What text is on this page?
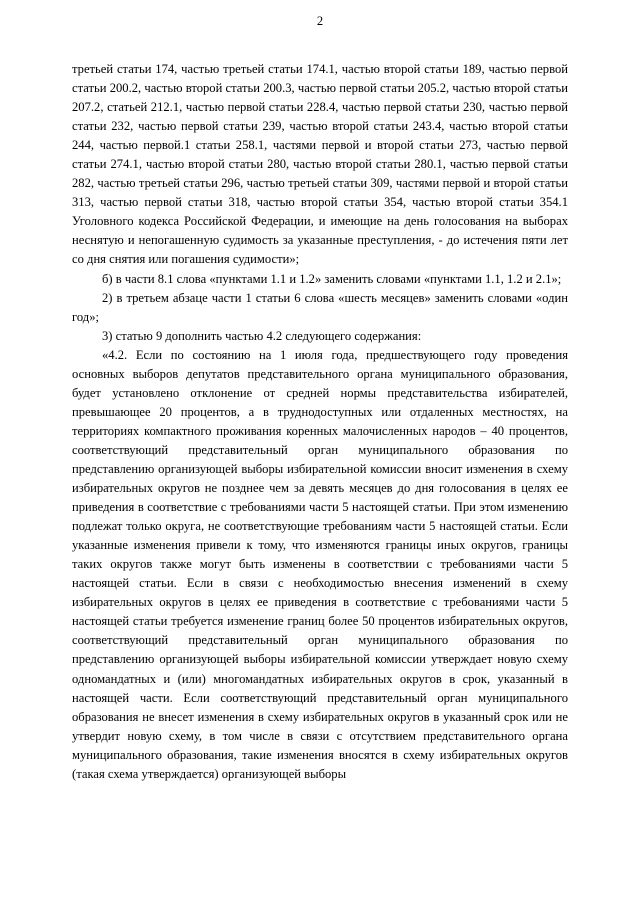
2

третьей статьи 174, частью третьей статьи 174.1, частью второй статьи 189, частью первой статьи 200.2, частью второй статьи 200.3, частью первой статьи 205.2, частью второй статьи 207.2, статьей 212.1, частью первой статьи 228.4, частью первой статьи 230, частью первой статьи 232, частью первой статьи 239, частью второй статьи 243.4, частью второй статьи 244, частью первой.1 статьи 258.1, частями первой и второй статьи 273, частью первой статьи 274.1, частью второй статьи 280, частью второй статьи 280.1, частью первой статьи 282, частью третьей статьи 296, частью третьей статьи 309, частями первой и второй статьи 313, частью первой статьи 318, частью второй статьи 354, частью второй статьи 354.1 Уголовного кодекса Российской Федерации, и имеющие на день голосования на выборах неснятую и непогашенную судимость за указанные преступления, - до истечения пяти лет со дня снятия или погашения судимости»;

б) в части 8.1 слова «пунктами 1.1 и 1.2» заменить словами «пунктами 1.1, 1.2 и 2.1»;

2) в третьем абзаце части 1 статьи 6 слова «шесть месяцев» заменить словами «один год»;

3) статью 9 дополнить частью 4.2 следующего содержания:

«4.2. Если по состоянию на 1 июля года, предшествующего году проведения основных выборов депутатов представительного органа муниципального образования, будет установлено отклонение от средней нормы представительства избирателей, превышающее 20 процентов, а в труднодоступных или отдаленных местностях, на территориях компактного проживания коренных малочисленных народов – 40 процентов, соответствующий представительный орган муниципального образования по представлению организующей выборы избирательной комиссии вносит изменения в схему избирательных округов не позднее чем за девять месяцев до дня голосования в целях ее приведения в соответствие с требованиями части 5 настоящей статьи. При этом изменению подлежат только округа, не соответствующие требованиям части 5 настоящей статьи. Если указанные изменения привели к тому, что изменяются границы иных округов, границы таких округов также могут быть изменены в соответствии с требованиями части 5 настоящей статьи. Если в связи с необходимостью внесения изменений в схему избирательных округов в целях ее приведения в соответствие с требованиями части 5 настоящей статьи требуется изменение границ более 50 процентов избирательных округов, соответствующий представительный орган муниципального образования по представлению организующей выборы избирательной комиссии утверждает новую схему одномандатных и (или) многомандатных избирательных округов в срок, указанный в настоящей части. Если соответствующий представительный орган муниципального образования не внесет изменения в схему избирательных округов в указанный срок или не утвердит новую схему, в том числе в связи с отсутствием представительного органа муниципального образования, такие изменения вносятся в схему избирательных округов (такая схема утверждается) организующей выборы
